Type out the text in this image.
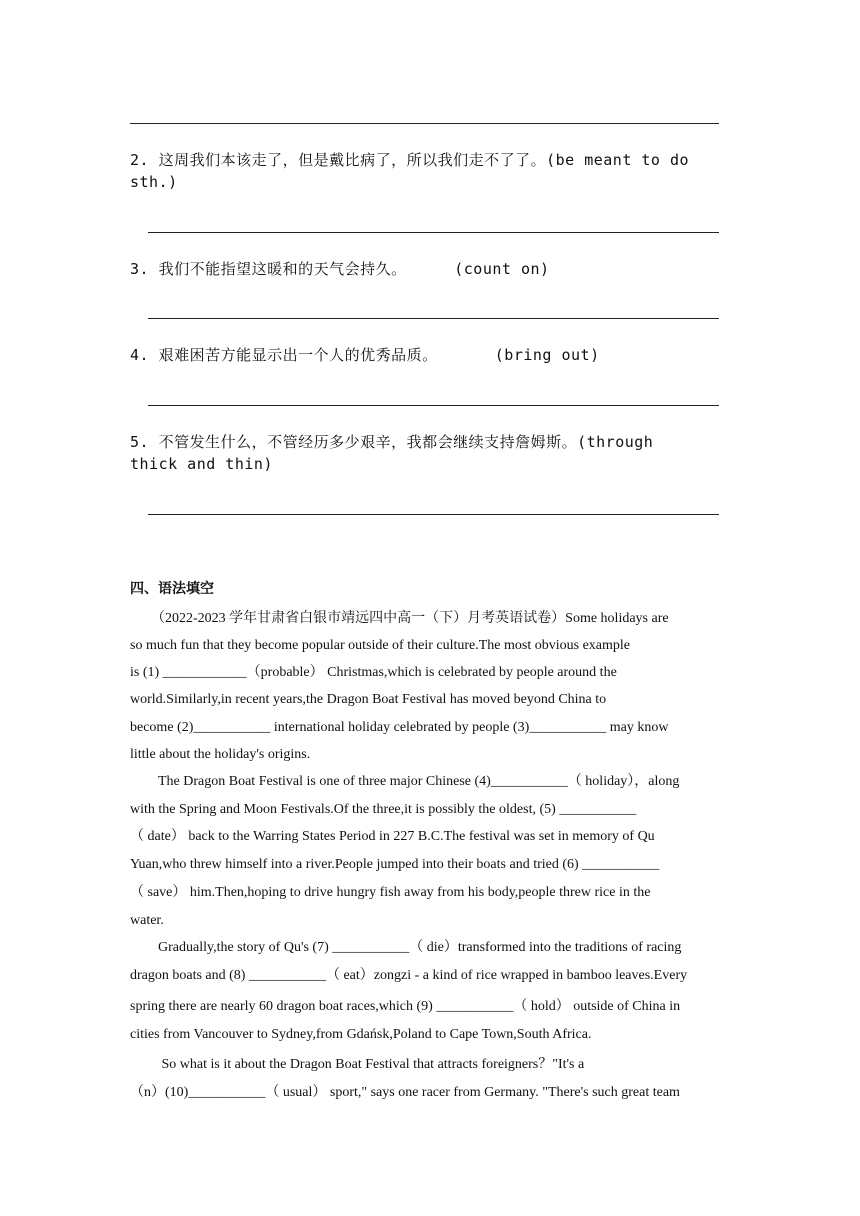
2. 这周我们本该走了，但是戴比病了，所以我们走不了了。(be meant to do
sth.)

3. 我们不能指望这暖和的天气会持久。     (count on)

4. 艰难困苦方能显示出一个人的优秀品质。      (bring out)

5. 不管发生什么，不管经历多少艰辛，我都会继续支持詹姆斯。(through
thick and thin)

四、语法填空

　　（2022-2023 学年甘肃省白银市靖远四中高一（下）月考英语试卷）Some holidays are

so much fun that they become popular outside of their culture.The most obvious example

is (1) ____________（probable） Christmas,which is celebrated by people around the

world.Similarly,in recent years,the Dragon Boat Festival has moved beyond China to

become (2)___________ international holiday celebrated by people (3)___________ may know

little about the holiday's origins.

　　The Dragon Boat Festival is one of three major Chinese (4)___________（ holiday），along

with the Spring and Moon Festivals.Of the three,it is possibly the oldest, (5) ___________

（ date） back to the Warring States Period in 227 B.C.The festival was set in memory of Qu

Yuan,who threw himself into a river.People jumped into their boats and tried (6) ___________

（ save） him.Then,hoping to drive hungry fish away from his body,people threw rice in the

water.

　　Gradually,the story of Qu's (7) ___________（ die）transformed into the traditions of racing

dragon boats and (8) ___________（ eat）zongzi - a kind of rice wrapped in bamboo leaves.Every

spring there are nearly 60 dragon boat races,which (9) ___________（ hold） outside of China in

cities from Vancouver to Sydney,from Gdańsk,Poland to Cape Town,South Africa.

　　 So what is it about the Dragon Boat Festival that attracts foreigners？"It's a

（n）(10)___________（ usual） sport," says one racer from Germany. "There's such great team
